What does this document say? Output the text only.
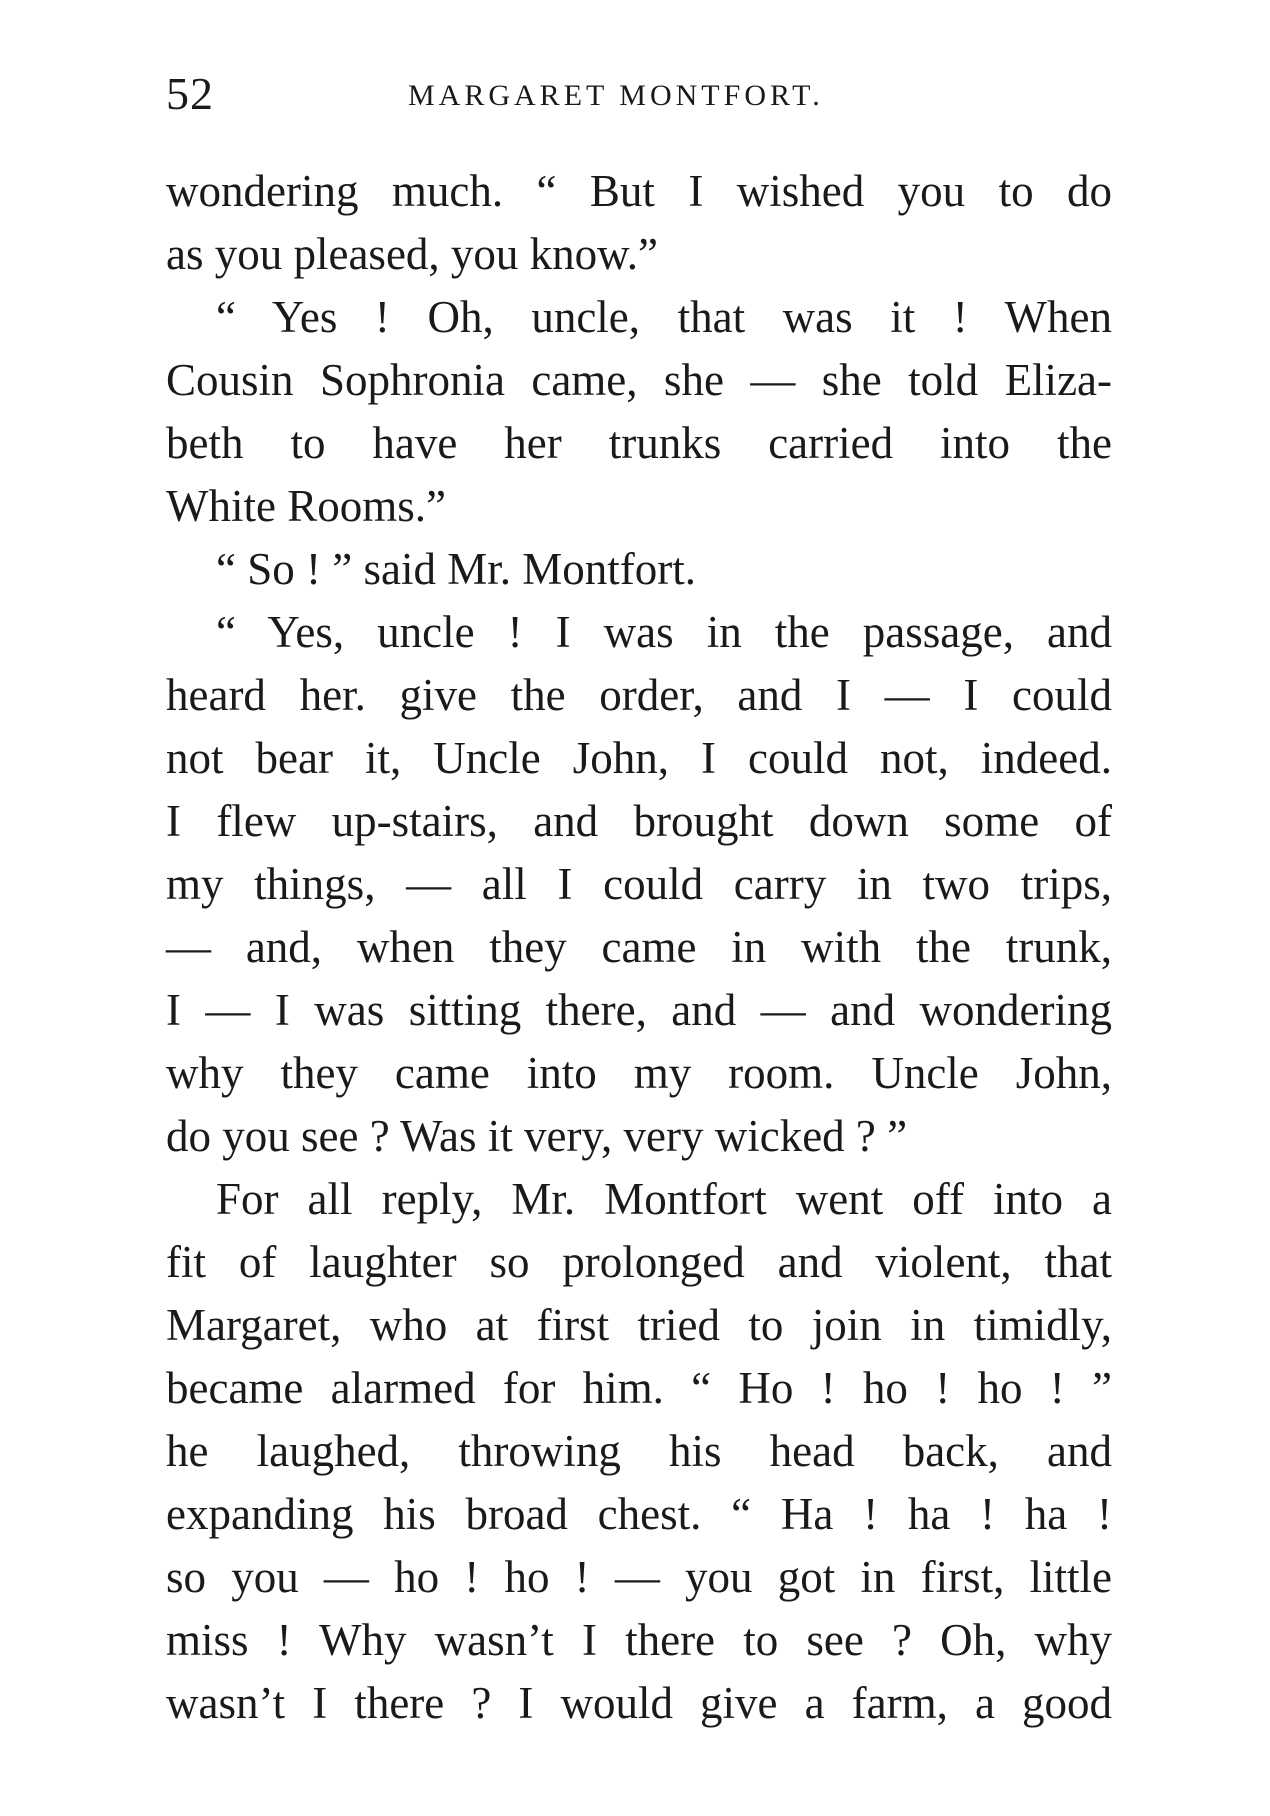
52	MARGARET MONTFORT.
wondering much. “ But I wished you to do
as you pleased, you know.”
“ Yes ! Oh, uncle, that was it ! When
Cousin Sophronia came, she — she told Eliza-
beth to have her trunks carried into the
White Rooms.”
“ So ! ” said Mr. Montfort.
“ Yes, uncle ! I was in the passage, and
heard her. give the order, and I — I could
not bear it, Uncle John, I could not, indeed.
I flew up-stairs, and brought down some of
my things, — all I could carry in two trips,
— and, when they came in with the trunk,
I — I was sitting there, and — and wondering
why they came into my room. Uncle John,
do you see ? Was it very, very wicked ? ”
For all reply, Mr. Montfort went off into a
fit of laughter so prolonged and violent, that
Margaret, who at first tried to join in timidly,
became alarmed for him. “ Ho ! ho ! ho ! ”
he laughed, throwing his head back, and
expanding his broad chest. “ Ha ! ha ! ha !
so you — ho ! ho ! — you got in first, little
miss ! Why wasn’t I there to see ? Oh, why
wasn’t I there ? I would give a farm, a good
